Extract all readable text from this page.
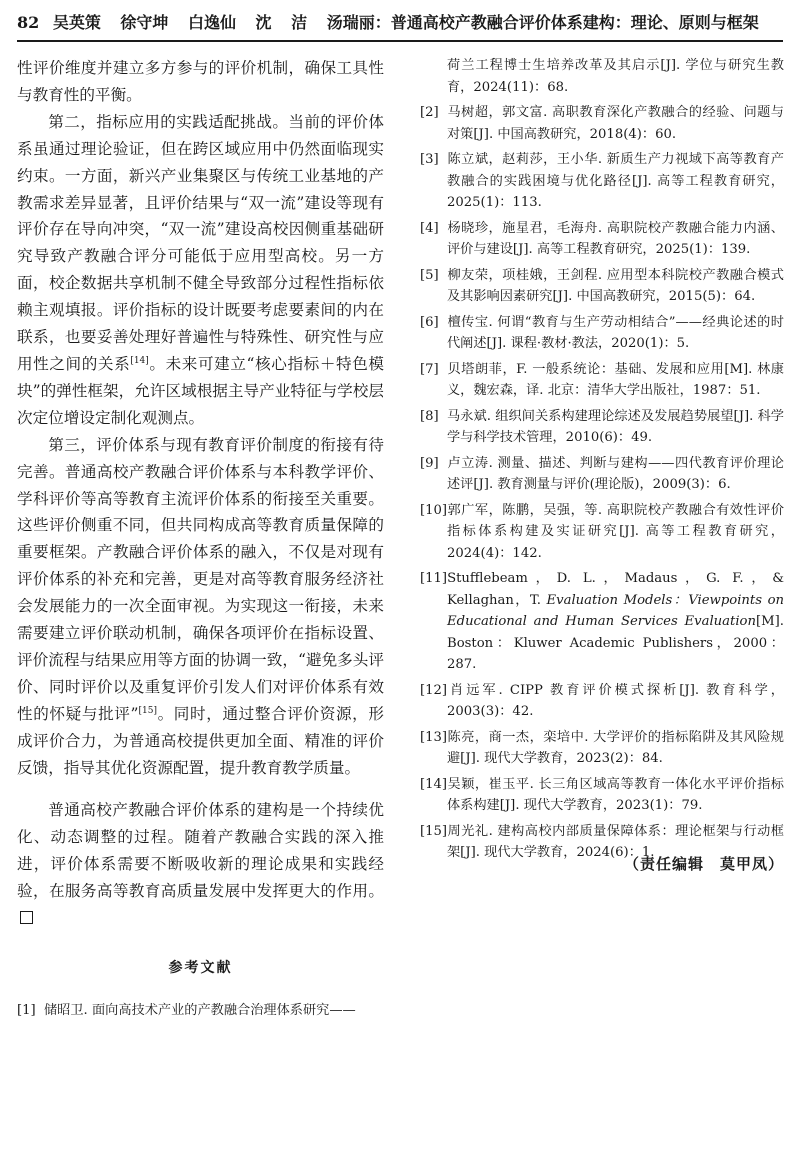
82 吴英策 徐守坤 白逸仙 沈 洁 汤瑞丽：普通高校产教融合评价体系建构：理论、原则与框架

性评价维度并建立多方参与的评价机制，确保工具性与教育性的平衡。

第二，指标应用的实践适配挑战。当前的评价体系虽通过理论验证，但在跨区域应用中仍然面临现实约束。一方面，新兴产业集聚区与传统工业基地的产教需求差异显著，且评价结果与“双一流”建设等现有评价存在导向冲突，“双一流”建设高校因侧重基础研究导致产教融合评分可能低于应用型高校。另一方面，校企数据共享机制不健全导致部分过程性指标依赖主观填报。评价指标的设计既要考虑要素间的内在联系，也要妥善处理好普遍性与特殊性、研究性与应用性之间的关系[14]。未来可建立“核心指标＋特色模块”的弹性框架，允许区域根据主导产业特征与学校层次定位增设定制化观测点。

第三，评价体系与现有教育评价制度的衔接有待完善。普通高校产教融合评价体系与本科教学评价、学科评价等高等教育主流评价体系的衔接至关重要。这些评价侧重不同，但共同构成高等教育质量保障的重要框架。产教融合评价体系的融入，不仅是对现有评价体系的补充和完善，更是对高等教育服务经济社会发展能力的一次全面审视。为实现这一衔接，未来需要建立评价联动机制，确保各项评价在指标设置、评价流程与结果应用等方面的协调一致，“避免多头评价、同时评价以及重复评价引发人们对评价体系有效性的怀疑与批评”[15]。同时，通过整合评价资源，形成评价合力，为普通高校提供更加全面、精准的评价反馈，指导其优化资源配置，提升教育教学质量。

普通高校产教融合评价体系的建构是一个持续优化、动态调整的过程。随着产教融合实践的深入推进，评价体系需要不断吸收新的理论成果和实践经验，在服务高等教育高质量发展中发挥更大的作用。

参考文献

[1] 储昭卫. 面向高技术产业的产教融合治理体系研究——

荷兰工程博士生培养改革及其启示[J]. 学位与研究生教育，2024(11)：68.

[2] 马树超，郭文富. 高职教育深化产教融合的经验、问题与对策[J]. 中国高教研究，2018(4)：60.

[3] 陈立斌，赵莉莎，王小华. 新质生产力视域下高等教育产教融合的实践困境与优化路径[J]. 高等工程教育研究，2025(1)：113.

[4] 杨晓珍，施星君，毛海舟. 高职院校产教融合能力内涵、评价与建设[J]. 高等工程教育研究，2025(1)：139.

[5] 柳友荣，项桂娥，王剑程. 应用型本科院校产教融合模式及其影响因素研究[J]. 中国高教研究，2015(5)：64.

[6] 檀传宝. 何谓“教育与生产劳动相结合”——经典论述的时代阐述[J]. 课程·教材·教法，2020(1)：5.

[7] 贝塔朗菲，F. 一般系统论：基础、发展和应用[M]. 林康义，魏宏森，译. 北京：清华大学出版社，1987：51.

[8] 马永斌. 组织间关系构建理论综述及发展趋势展望[J]. 科学学与科学技术管理，2010(6)：49.

[9] 卢立涛. 测量、描述、判断与建构——四代教育评价理论述评[J]. 教育测量与评价(理论版)，2009(3)：6.

[10]郭广军，陈鹏，吴强，等. 高职院校产教融合有效性评价指标体系构建及实证研究[J]. 高等工程教育研究，2024(4)：142.

[11]Stufflebeam，D. L.，Madaus，G. F.，& Kellaghan，T. Evaluation Models：Viewpoints on Educational and Human Services Evaluation[M]. Boston：Kluwer Academic Publishers，2000：287.

[12]肖远军. CIPP 教育评价模式探析[J]. 教育科学，2003(3)：42.

[13]陈亮，商一杰，栾培中. 大学评价的指标陷阱及其风险规避[J]. 现代大学教育，2023(2)：84.

[14]吴颖，崔玉平. 长三角区域高等教育一体化水平评价指标体系构建[J]. 现代大学教育，2023(1)：79.

[15]周光礼. 建构高校内部质量保障体系：理论框架与行动框架[J]. 现代大学教育，2024(6)：1.

（责任编辑　莫甲凤）
